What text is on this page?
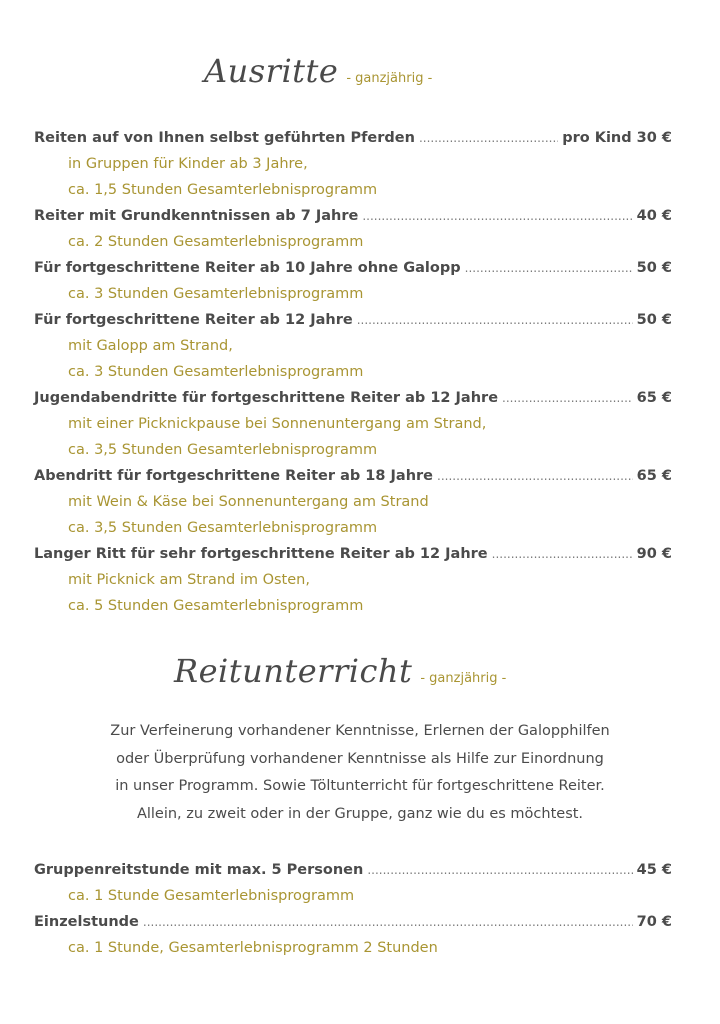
Ausritte - ganzjährig -
Reiten auf von Ihnen selbst geführten Pferden .....	pro Kind 30 €
in Gruppen für Kinder ab 3 Jahre,
ca. 1,5 Stunden Gesamterlebnisprogramm
Reiter mit Grundkenntnissen ab 7 Jahre .....	40 €
ca. 2 Stunden Gesamterlebnisprogramm
Für fortgeschrittene Reiter ab 10 Jahre ohne Galopp .....	50 €
ca. 3 Stunden Gesamterlebnisprogramm
Für fortgeschrittene Reiter ab 12 Jahre .....	50 €
mit Galopp am Strand,
ca. 3 Stunden Gesamterlebnisprogramm
Jugendabendritte für fortgeschrittene Reiter ab 12 Jahre .....	65 €
mit einer Picknickpause bei Sonnenuntergang am Strand,
ca. 3,5 Stunden Gesamterlebnisprogramm
Abendritt für fortgeschrittene Reiter ab 18 Jahre .....	65 €
mit Wein & Käse bei Sonnenuntergang am Strand
ca. 3,5 Stunden Gesamterlebnisprogramm
Langer Ritt für sehr fortgeschrittene Reiter ab 12 Jahre .....	90 €
mit Picknick am Strand im Osten,
ca. 5 Stunden Gesamterlebnisprogramm
Reitunterricht - ganzjährig -
Zur Verfeinerung vorhandener Kenntnisse, Erlernen der Galopphilfen
oder Überprüfung vorhandener Kenntnisse als Hilfe zur Einordnung
in unser Programm. Sowie Töltunterricht für fortgeschrittene Reiter.
Allein, zu zweit oder in der Gruppe, ganz wie du es möchtest.
Gruppenreitstunde mit max. 5 Personen .....	45 €
ca. 1 Stunde Gesamterlebnisprogramm
Einzelstunde .....	70 €
ca. 1 Stunde, Gesamterlebnisprogramm 2 Stunden
